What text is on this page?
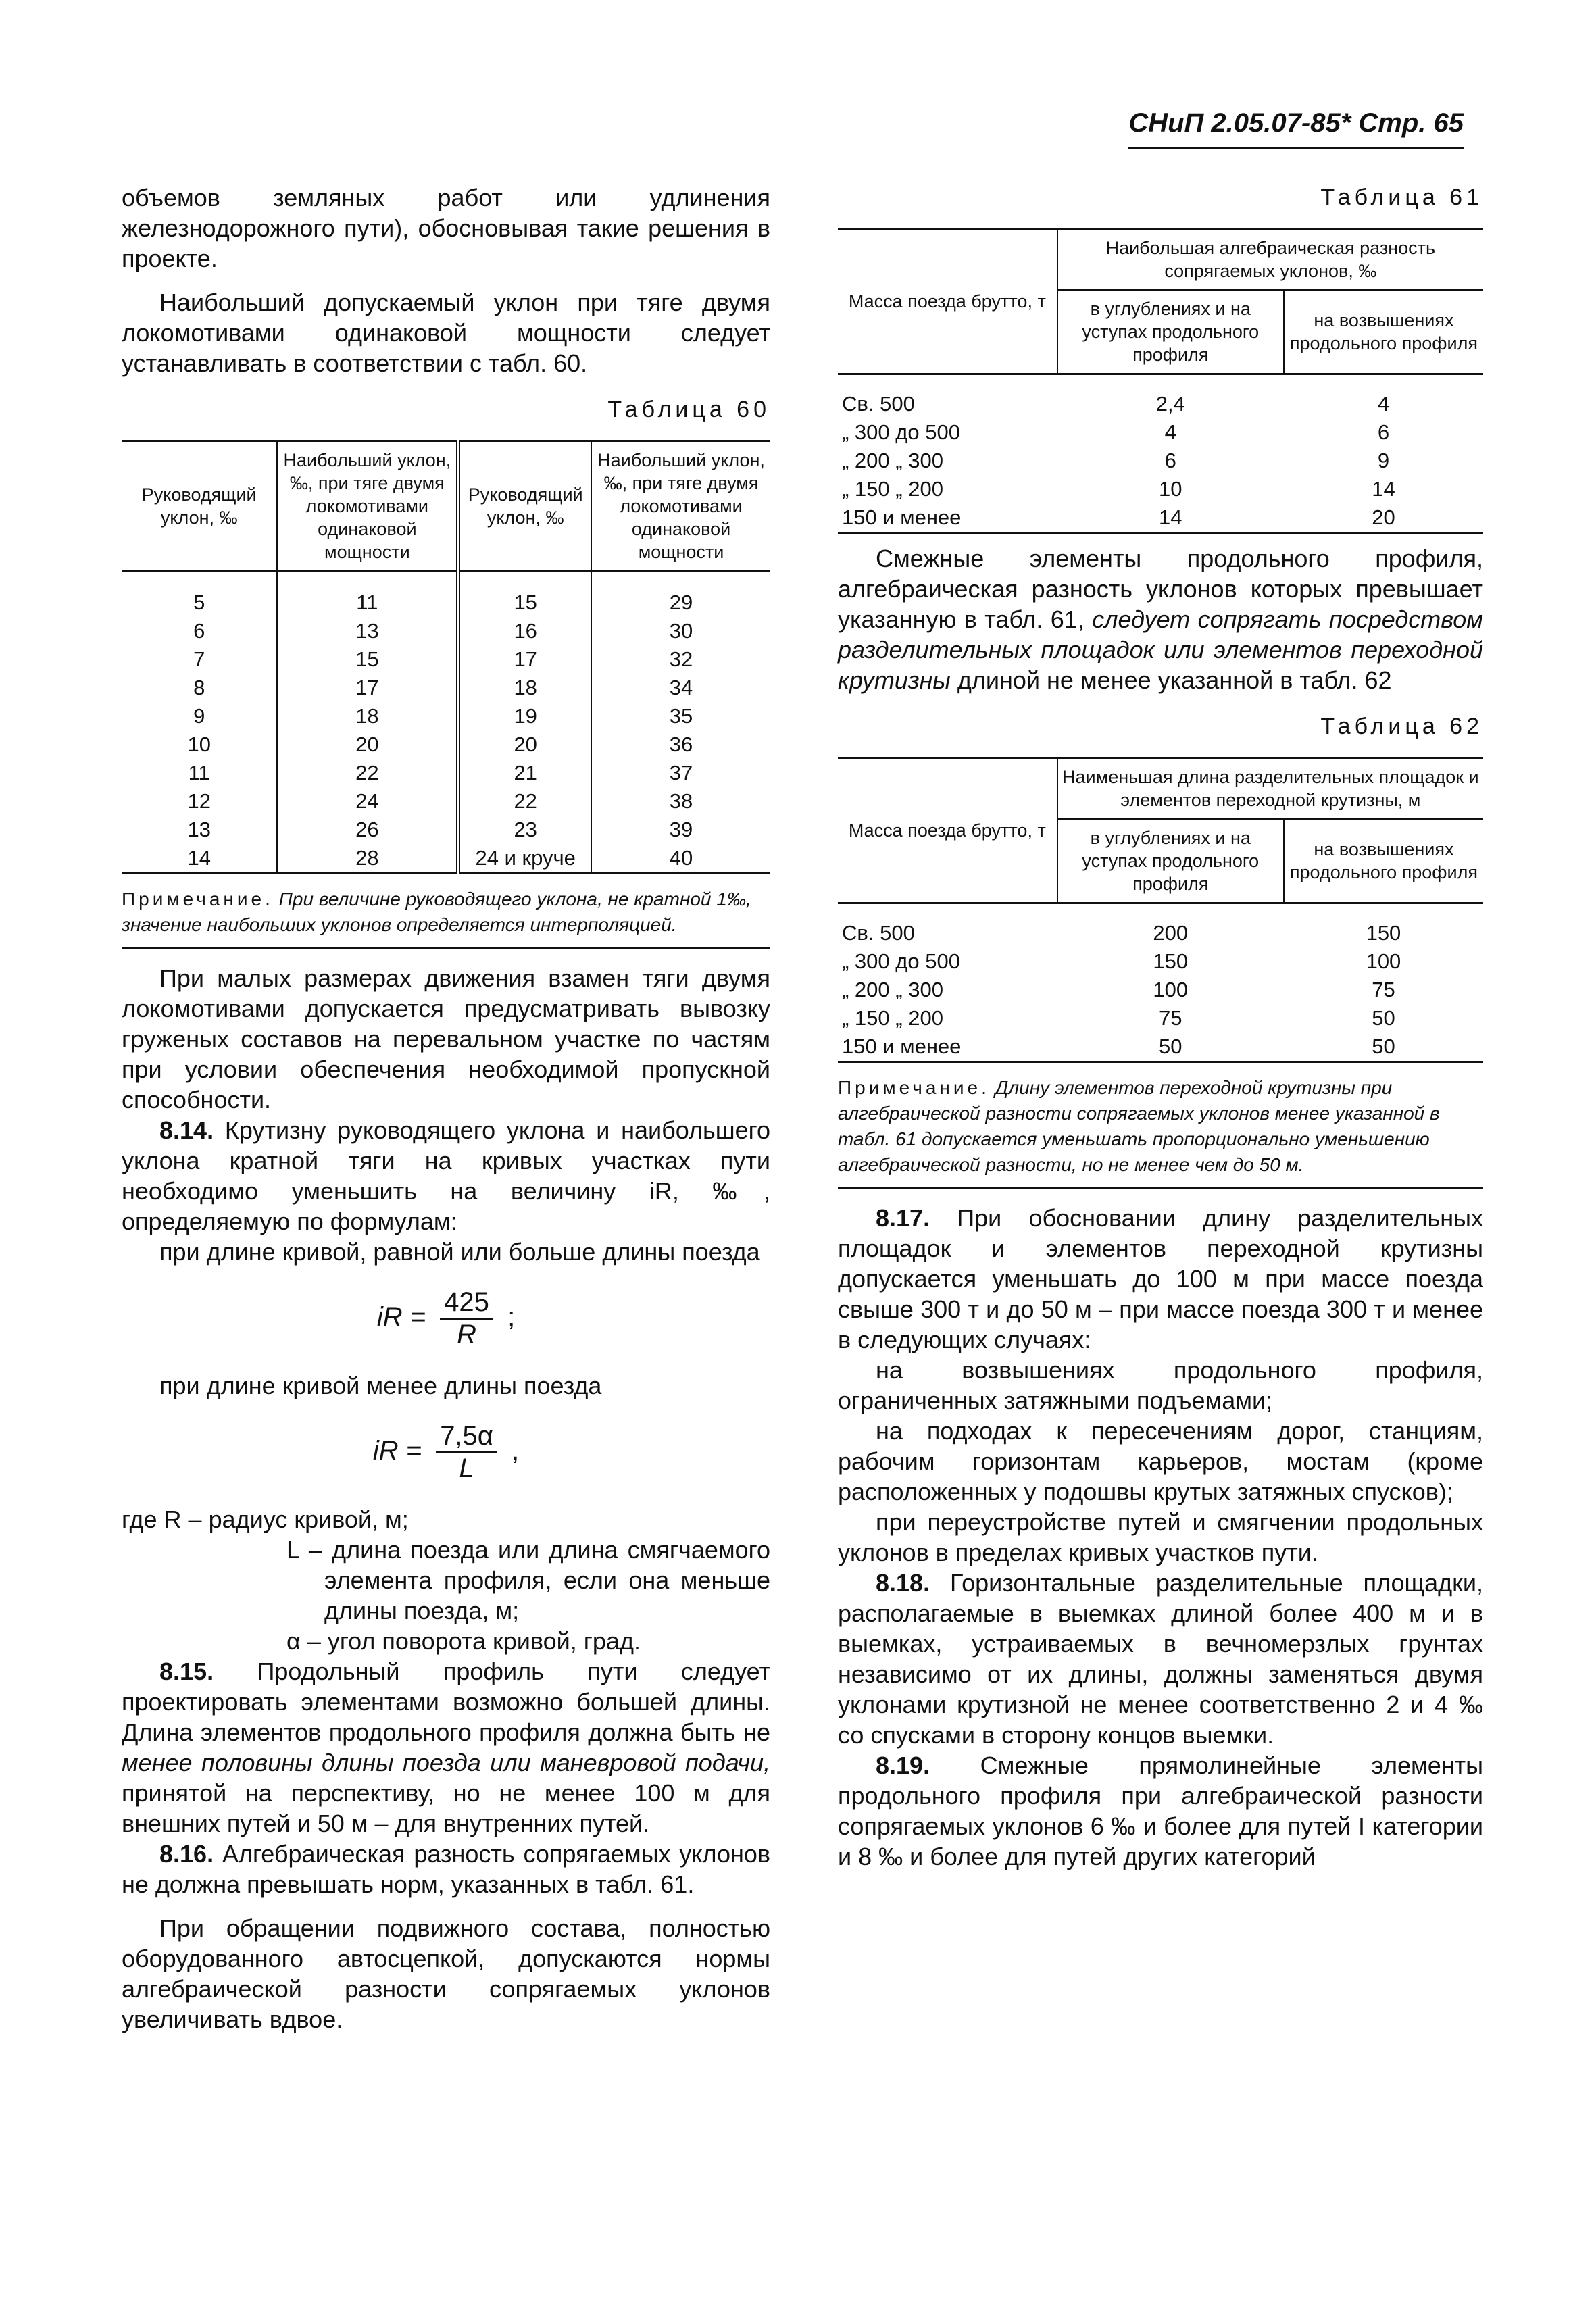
СНиП 2.05.07-85* Стр. 65

объемов земляных работ или удлинения железнодорожного пути), обосновывая такие решения в проекте.

Наибольший допускаемый уклон при тяге двумя локомотивами одинаковой мощности следует устанавливать в соответствии с табл. 60.

Таблица 60
Руководящий уклон, ‰	Наибольший уклон, ‰, при тяге двумя локомотивами одинаковой мощности	Руководящий уклон, ‰	Наибольший уклон, ‰, при тяге двумя локомотивами одинаковой мощности
5	11	15	29
6	13	16	30
7	15	17	32
8	17	18	34
9	18	19	35
10	20	20	36
11	22	21	37
12	24	22	38
13	26	23	39
14	28	24 и круче	40
Примечание. При величине руководящего уклона, не кратной 1‰, значение наибольших уклонов определяется интерполяцией.

При малых размерах движения взамен тяги двумя локомотивами допускается предусматривать вывозку груженых составов на перевальном участке по частям при условии обеспечения необходимой пропускной способности.

8.14. Крутизну руководящего уклона и наибольшего уклона кратной тяги на кривых участках пути необходимо уменьшить на величину iR, ‰, определяемую по формулам:

при длине кривой, равной или больше длины поезда

iR = $\frac{425}{R}$ ;

при длине кривой менее длины поезда

iR = $\frac{7,5\alpha}{L}$ ,

где R – радиус кривой, м;

L – длина поезда или длина смягчаемого элемента профиля, если она меньше длины поезда, м;

α – угол поворота кривой, град.

8.15. Продольный профиль пути следует проектировать элементами возможно большей длины. Длина элементов продольного профиля должна быть не менее половины длины поезда или маневровой подачи, принятой на перспективу, но не менее 100 м для внешних путей и 50 м – для внутренних путей.

8.16. Алгебраическая разность сопрягаемых уклонов не должна превышать норм, указанных в табл. 61.

При обращении подвижного состава, полностью оборудованного автосцепкой, допускаются нормы алгебраической разности сопрягаемых уклонов увеличивать вдвое.

Таблица 61
Масса поезда брутто, т	Наибольшая алгебраическая разность сопрягаемых уклонов, ‰	
	в углублениях и на уступах продольного профиля	на возвышениях продольного профиля
Св. 500	2,4	4
„ 300 до 500	4	6
„ 200 „ 300	6	9
„ 150 „ 200	10	14
150 и менее	14	20

Смежные элементы продольного профиля, алгебраическая разность уклонов которых превышает указанную в табл. 61, следует сопрягать посредством разделительных площадок или элементов переходной крутизны длиной не менее указанной в табл. 62

Таблица 62
Масса поезда брутто, т	Наименьшая длина разделительных площадок и элементов переходной крутизны, м	
	в углублениях и на уступах продольного профиля	на возвышениях продольного профиля
Св. 500	200	150
„ 300 до 500	150	100
„ 200 „ 300	100	75
„ 150 „ 200	75	50
150 и менее	50	50
Примечание. Длину элементов переходной крутизны при алгебраической разности сопрягаемых уклонов менее указанной в табл. 61 допускается уменьшать пропорционально уменьшению алгебраической разности, но не менее чем до 50 м.

8.17. При обосновании длину разделительных площадок и элементов переходной крутизны допускается уменьшать до 100 м при массе поезда свыше 300 т и до 50 м – при массе поезда 300 т и менее в следующих случаях:

на возвышениях продольного профиля, ограниченных затяжными подъемами;

на подходах к пересечениям дорог, станциям, рабочим горизонтам карьеров, мостам (кроме расположенных у подошвы крутых затяжных спусков);

при переустройстве путей и смягчении продольных уклонов в пределах кривых участков пути.

8.18. Горизонтальные разделительные площадки, располагаемые в выемках длиной более 400 м и в выемках, устраиваемых в вечномерзлых грунтах независимо от их длины, должны заменяться двумя уклонами крутизной не менее соответственно 2 и 4 ‰ со спусками в сторону концов выемки.

8.19. Смежные прямолинейные элементы продольного профиля при алгебраической разности сопрягаемых уклонов 6 ‰ и более для путей I категории и 8 ‰ и более для путей других категорий
